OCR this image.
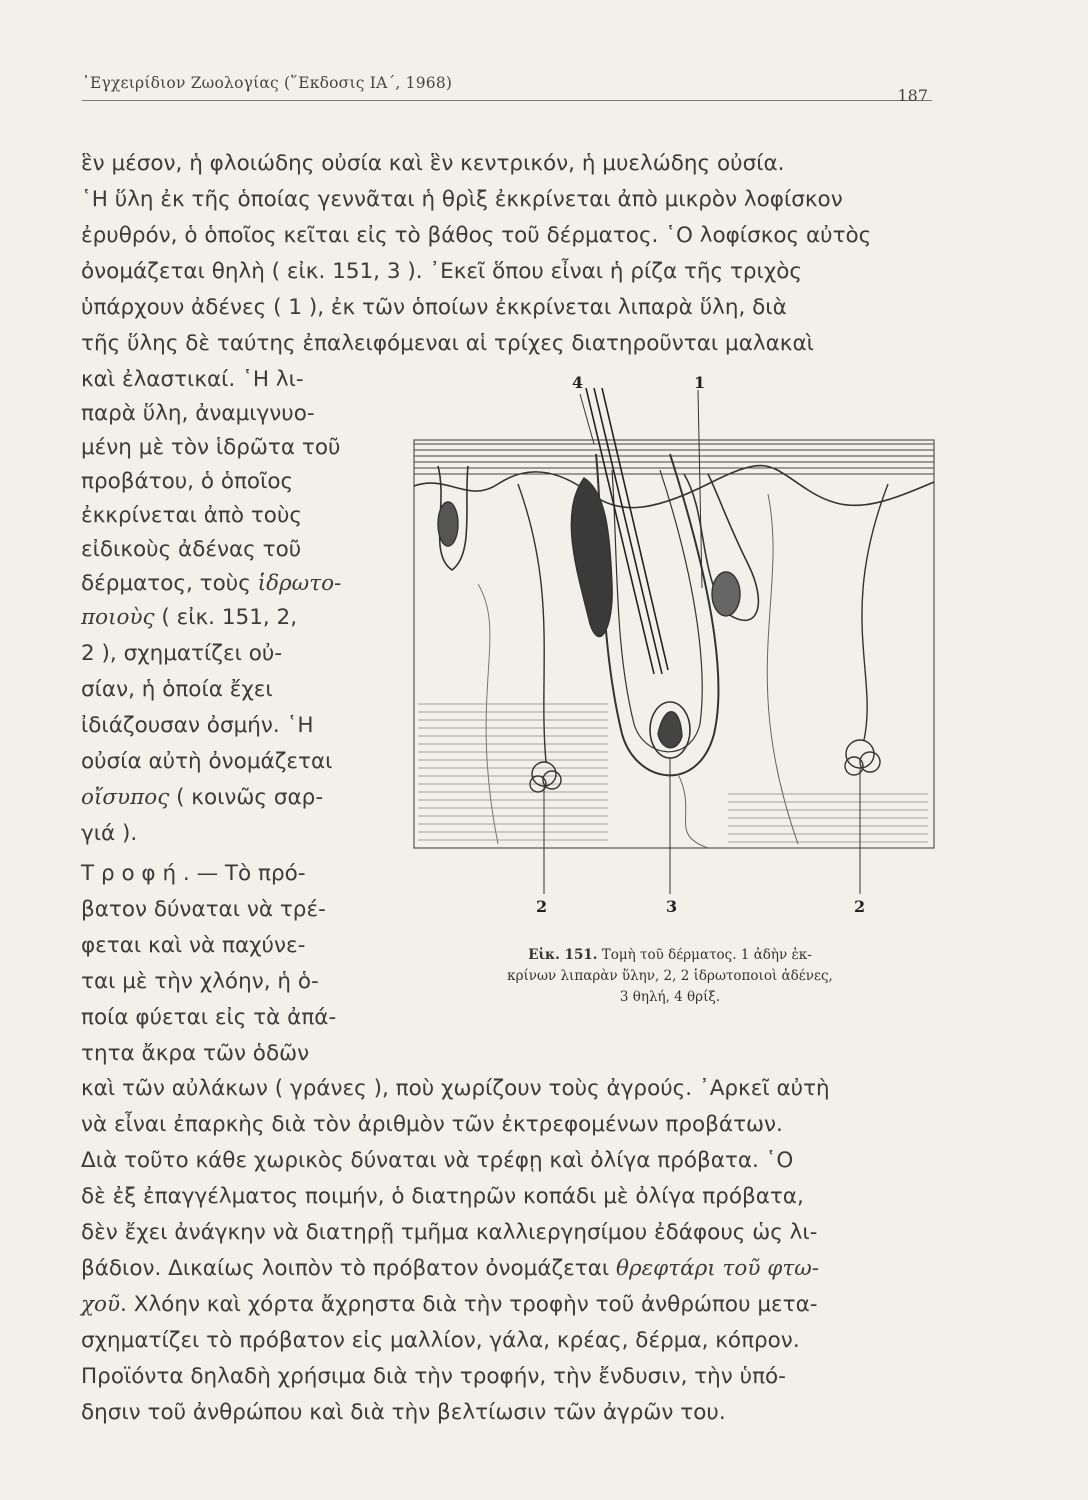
᾿Εγχειρίδιον Ζωολογίας (῞Εκδοσις ΙΑ΄, 1968)
187
ἓν μέσον, ἡ φλοιώδης οὐσία καὶ ἓν κεντρικόν, ἡ μυελώδης οὐσία.
῾Η ὕλη ἐκ τῆς ὁποίας γεννᾶται ἡ θρὶξ ἐκκρίνεται ἀπὸ μικρὸν λοφίσκον
ἐρυθρόν, ὁ ὁποῖος κεῖται εἰς τὸ βάθος τοῦ δέρματος. ῾Ο λοφίσκος αὐτὸς
ὀνομάζεται θηλὴ ( εἰκ. 151, 3 ). ᾿Εκεῖ ὅπου εἶναι ἡ ρίζα τῆς τριχὸς
ὑπάρχουν ἀδένες ( 1 ), ἐκ τῶν ὁποίων ἐκκρίνεται λιπαρὰ ὕλη, διὰ
τῆς ὕλης δὲ ταύτης ἐπαλειφόμεναι αἱ τρίχες διατηροῦνται μαλακαὶ
καὶ ἐλαστικαί. ῾Η λι-
παρὰ ὕλη, ἀναμιγνυο-
μένη μὲ τὸν ἱδρῶτα τοῦ
προβάτου, ὁ ὁποῖος
ἐκκρίνεται ἀπὸ τοὺς
εἰδικοὺς ἀδένας τοῦ
δέρματος, τοὺς ἱδρωτο-
ποιοὺς ( εἰκ. 151, 2,
2 ), σχηματίζει οὐ-
σίαν, ἡ ὁποία ἔχει
ἰδιάζουσαν ὀσμήν. ῾Η
οὐσία αὐτὴ ὀνομάζεται
οἴσυπος ( κοινῶς σαρ-
γιά ).
Τ ρ ο φ ή . — Τὸ πρό-
βατον δύναται νὰ τρέ-
φεται καὶ νὰ παχύνε-
ται μὲ τὴν χλόην, ἡ ὁ-
ποία φύεται εἰς τὰ ἀπά-
τητα ἄκρα τῶν ὁδῶν
4	1
2	3	2
Εἰκ. 151. Τομὴ τοῦ δέρματος. 1 ἀδὴν ἐκ-
κρίνων λιπαρὰν ὕλην, 2, 2 ἱδρωτοποιοὶ ἀδένες,
3 θηλή, 4 θρίξ.
καὶ τῶν αὐλάκων ( γράνες ), ποὺ χωρίζουν τοὺς ἀγρούς. ᾿Αρκεῖ αὐτὴ
νὰ εἶναι ἐπαρκὴς διὰ τὸν ἀριθμὸν τῶν ἐκτρεφομένων προβάτων.
Διὰ τοῦτο κάθε χωρικὸς δύναται νὰ τρέφῃ καὶ ὀλίγα πρόβατα. ῾Ο
δὲ ἐξ ἐπαγγέλματος ποιμήν, ὁ διατηρῶν κοπάδι μὲ ὀλίγα πρόβατα,
δὲν ἔχει ἀνάγκην νὰ διατηρῇ τμῆμα καλλιεργησίμου ἐδάφους ὡς λι-
βάδιον. Δικαίως λοιπὸν τὸ πρόβατον ὀνομάζεται θρεφτάρι τοῦ φτω-
χοῦ. Χλόην καὶ χόρτα ἄχρηστα διὰ τὴν τροφὴν τοῦ ἀνθρώπου μετα-
σχηματίζει τὸ πρόβατον εἰς μαλλίον, γάλα, κρέας, δέρμα, κόπρον.
Προϊόντα δηλαδὴ χρήσιμα διὰ τὴν τροφήν, τὴν ἔνδυσιν, τὴν ὑπό-
δησιν τοῦ ἀνθρώπου καὶ διὰ τὴν βελτίωσιν τῶν ἀγρῶν του.
